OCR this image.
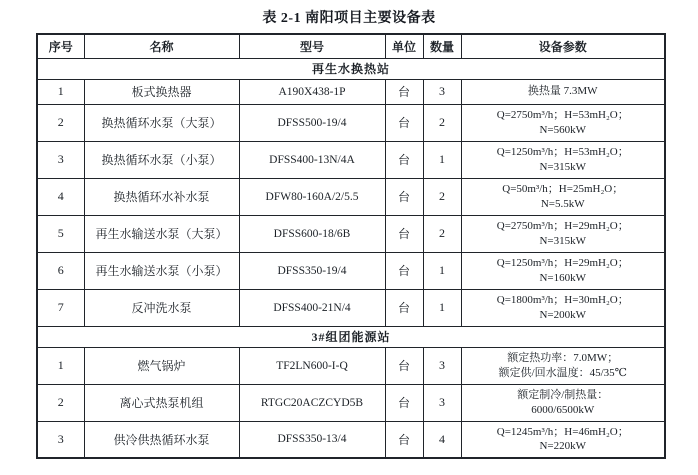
表 2-1 南阳项目主要设备表
序号	名称	型号	单位	数量	设备参数
再生水换热站					
1	板式换热器	A190X438-1P	台	3	换热量 7.3MW

2	换热循环水泵（大泵）	DFSS500-19/4	台	2	Q=2750m³/h；H=53mH₂O；
N=560kW

3	换热循环水泵（小泵）	DFSS400-13N/4A	台	1	Q=1250m³/h；H=53mH₂O；
N=315kW

4	换热循环水补水泵	DFW80-160A/2/5.5	台	2	Q=50m³/h；H=25mH₂O；
N=5.5kW

5	再生水输送水泵（大泵）	DFSS600-18/6B	台	2	Q=2750m³/h；H=29mH₂O；
N=315kW

6	再生水输送水泵（小泵）	DFSS350-19/4	台	1	Q=1250m³/h；H=29mH₂O；
N=160kW

7	反冲洗水泵	DFSS400-21N/4	台	1	Q=1800m³/h；H=30mH₂O；
N=200kW

3#组团能源站					
1	燃气锅炉	TF2LN600-I-Q	台	3	额定热功率：7.0MW；
额定供/回水温度：45/35℃

2	离心式热泵机组	RTGC20ACZCYD5B	台	3	额定制冷/制热量：
6000/6500kW

3	供冷供热循环水泵	DFSS350-13/4	台	4	Q=1245m³/h；H=46mH₂O；
N=220kW
